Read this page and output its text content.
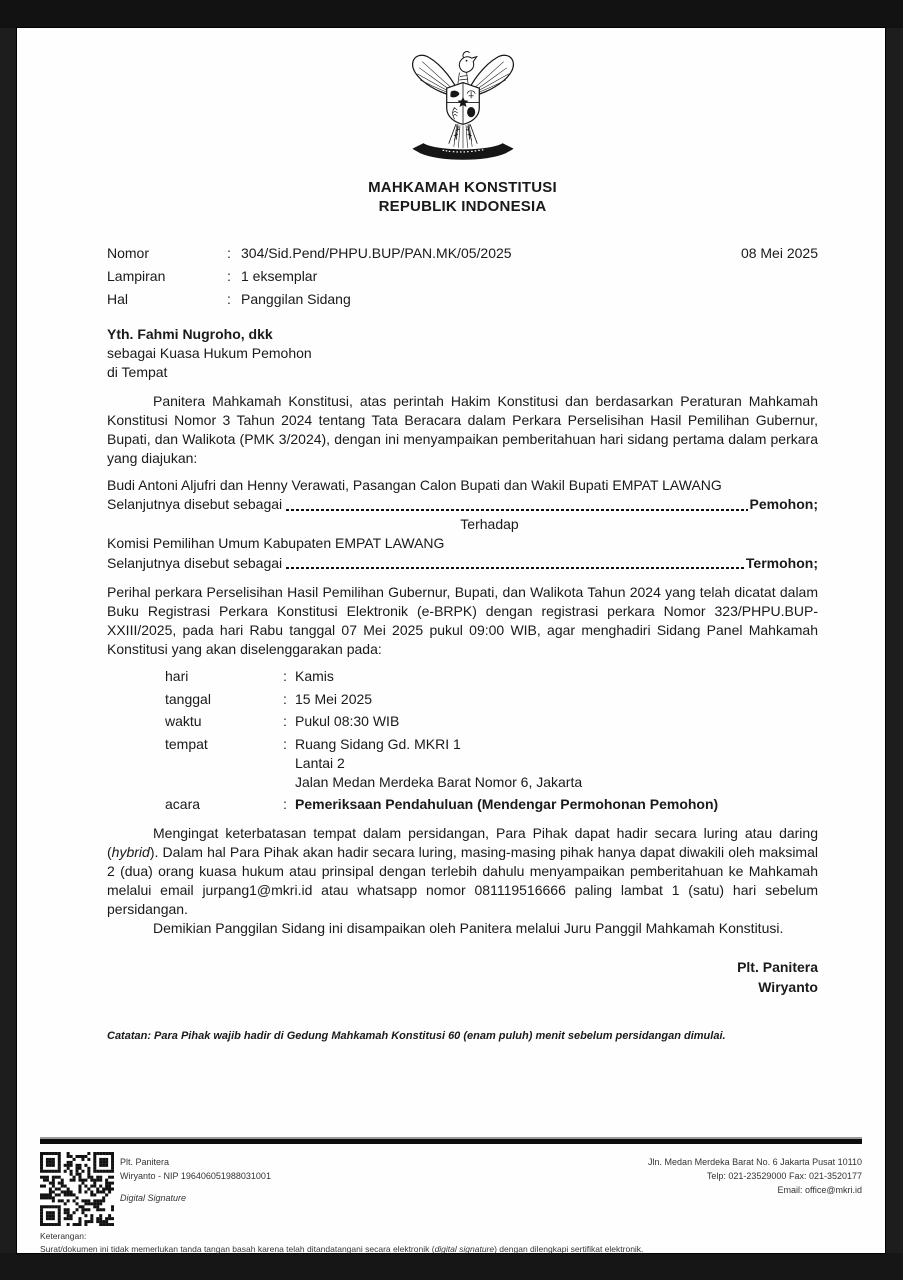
MAHKAMAH KONSTITUSI
REPUBLIK INDONESIA
Nomor	: 304/Sid.Pend/PHPU.BUP/PAN.MK/05/2025	08 Mei 2025
Lampiran	: 1 eksemplar
Hal	: Panggilan Sidang
Yth. Fahmi Nugroho, dkk
sebagai Kuasa Hukum Pemohon
di Tempat

Panitera Mahkamah Konstitusi, atas perintah Hakim Konstitusi dan berdasarkan Peraturan Mahkamah Konstitusi Nomor 3 Tahun 2024 tentang Tata Beracara dalam Perkara Perselisihan Hasil Pemilihan Gubernur, Bupati, dan Walikota (PMK 3/2024), dengan ini menyampaikan pemberitahuan hari sidang pertama dalam perkara yang diajukan:

Budi Antoni Aljufri dan Henny Verawati, Pasangan Calon Bupati dan Wakil Bupati EMPAT LAWANG
Selanjutnya disebut sebagai	Pemohon;
Terhadap
Komisi Pemilihan Umum Kabupaten EMPAT LAWANG
Selanjutnya disebut sebagai	Termohon;

Perihal perkara Perselisihan Hasil Pemilihan Gubernur, Bupati, dan Walikota Tahun 2024 yang telah dicatat dalam Buku Registrasi Perkara Konstitusi Elektronik (e-BRPK) dengan registrasi perkara Nomor 323/PHPU.BUP-XXIII/2025, pada hari Rabu tanggal 07 Mei 2025 pukul 09:00 WIB, agar menghadiri Sidang Panel Mahkamah Konstitusi yang akan diselenggarakan pada:

hari	: Kamis
tanggal	: 15 Mei 2025
waktu	: Pukul 08:30 WIB
tempat	: Ruang Sidang Gd. MKRI 1
Lantai 2
Jalan Medan Merdeka Barat Nomor 6, Jakarta
acara	: Pemeriksaan Pendahuluan (Mendengar Permohonan Pemohon)

Mengingat keterbatasan tempat dalam persidangan, Para Pihak dapat hadir secara luring atau daring (hybrid). Dalam hal Para Pihak akan hadir secara luring, masing-masing pihak hanya dapat diwakili oleh maksimal 2 (dua) orang kuasa hukum atau prinsipal dengan terlebih dahulu menyampaikan pemberitahuan ke Mahkamah melalui email jurpang1@mkri.id atau whatsapp nomor 081119516666 paling lambat 1 (satu) hari sebelum persidangan.

Demikian Panggilan Sidang ini disampaikan oleh Panitera melalui Juru Panggil Mahkamah Konstitusi.

Plt. Panitera
Wiryanto
Catatan: Para Pihak wajib hadir di Gedung Mahkamah Konstitusi 60 (enam puluh) menit sebelum persidangan dimulai.
Plt. Panitera
Wiryanto - NIP 196406051988031001
Digital Signature
Jln. Medan Merdeka Barat No. 6 Jakarta Pusat 10110
Telp: 021-23529000 Fax: 021-3520177
Email: office@mkri.id
Keterangan:
Surat/dokumen ini tidak memerlukan tanda tangan basah karena telah ditandatangani secara elektronik (digital signature) dengan dilengkapi sertifikat elektronik.
